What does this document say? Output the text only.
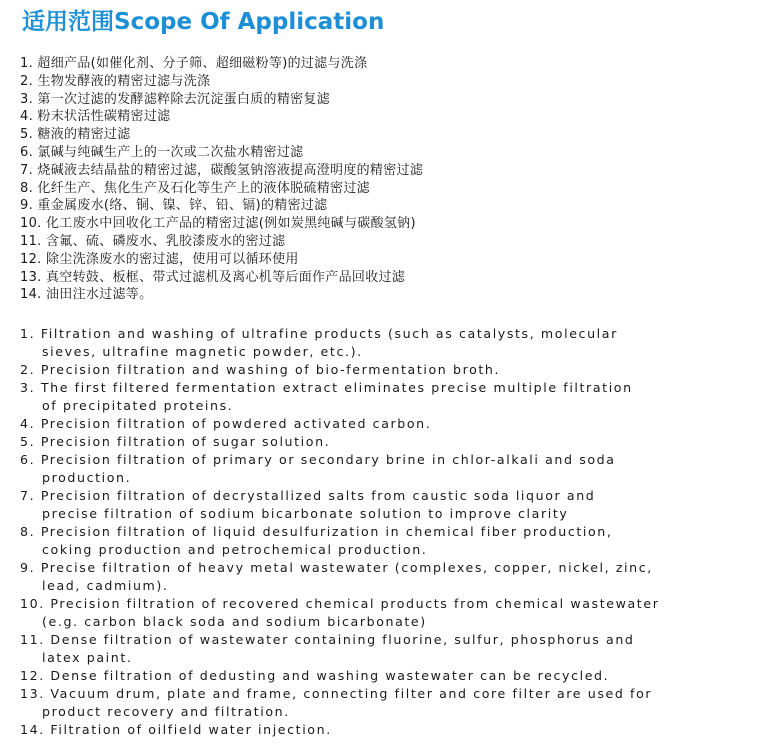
适用范围Scope Of Application
1. 超细产品(如催化剂、分子筛、超细磁粉等)的过滤与洗涤
2. 生物发酵液的精密过滤与洗涤
3. 第一次过滤的发酵滤粹除去沉淀蛋白质的精密复滤
4. 粉末状活性碳精密过滤
5. 糖液的精密过滤
6. 氯碱与纯碱生产上的一次或二次盐水精密过滤
7. 烧碱液去结晶盐的精密过滤，碳酸氢钠溶液提高澄明度的精密过滤
8. 化纤生产、焦化生产及石化等生产上的液体脱硫精密过滤
9. 重金属废水(络、铜、镍、锌、铅、镉)的精密过滤
10. 化工废水中回收化工产品的精密过滤(例如炭黑纯碱与碳酸氢钠)
11. 含氟、硫、磷废水、乳胶漆废水的密过滤
12. 除尘洗涤废水的密过滤，使用可以循环使用
13. 真空转鼓、板框、带式过滤机及离心机等后面作产品回收过滤
14. 油田注水过滤等。
1. Filtration and washing of ultrafine products (such as catalysts, molecular
sieves, ultrafine magnetic powder, etc.).
2. Precision filtration and washing of bio-fermentation broth.
3. The first filtered fermentation extract eliminates precise multiple filtration
of precipitated proteins.
4. Precision filtration of powdered activated carbon.
5. Precision filtration of sugar solution.
6. Precision filtration of primary or secondary brine in chlor-alkali and soda
production.
7. Precision filtration of decrystallized salts from caustic soda liquor and
precise filtration of sodium bicarbonate solution to improve clarity
8. Precision filtration of liquid desulfurization in chemical fiber production,
coking production and petrochemical production.
9. Precise filtration of heavy metal wastewater (complexes, copper, nickel, zinc,
lead, cadmium).
10. Precision filtration of recovered chemical products from chemical wastewater
(e.g. carbon black soda and sodium bicarbonate)
11. Dense filtration of wastewater containing fluorine, sulfur, phosphorus and
latex paint.
12. Dense filtration of dedusting and washing wastewater can be recycled.
13. Vacuum drum, plate and frame, connecting filter and core filter are used for
product recovery and filtration.
14. Filtration of oilfield water injection.
